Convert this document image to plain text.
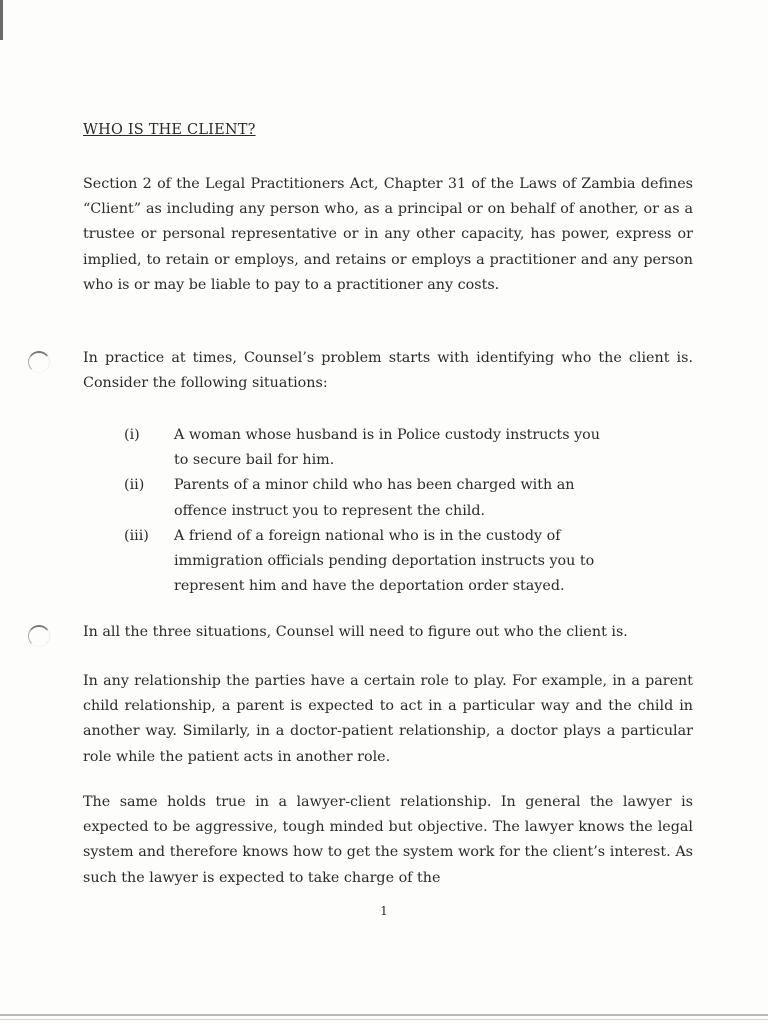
WHO IS THE CLIENT?

Section 2 of the Legal Practitioners Act, Chapter 31 of the Laws of Zambia defines “Client” as including any person who, as a principal or on behalf of another, or as a trustee or personal representative or in any other capacity, has power, express or implied, to retain or employs, and retains or employs a practitioner and any person who is or may be liable to pay to a practitioner any costs.

In practice at times, Counsel’s problem starts with identifying who the client is. Consider the following situations:

(i)	A woman whose husband is in Police custody instructs you to secure bail for him.
(ii)	Parents of a minor child who has been charged with an offence instruct you to represent the child.
(iii)	A friend of a foreign national who is in the custody of immigration officials pending deportation instructs you to represent him and have the deportation order stayed.

In all the three situations, Counsel will need to figure out who the client is.

In any relationship the parties have a certain role to play. For example, in a parent child relationship, a parent is expected to act in a particular way and the child in another way. Similarly, in a doctor-patient relationship, a doctor plays a particular role while the patient acts in another role.

The same holds true in a lawyer-client relationship. In general the lawyer is expected to be aggressive, tough minded but objective. The lawyer knows the legal system and therefore knows how to get the system work for the client’s interest. As such the lawyer is expected to take charge of the

1
